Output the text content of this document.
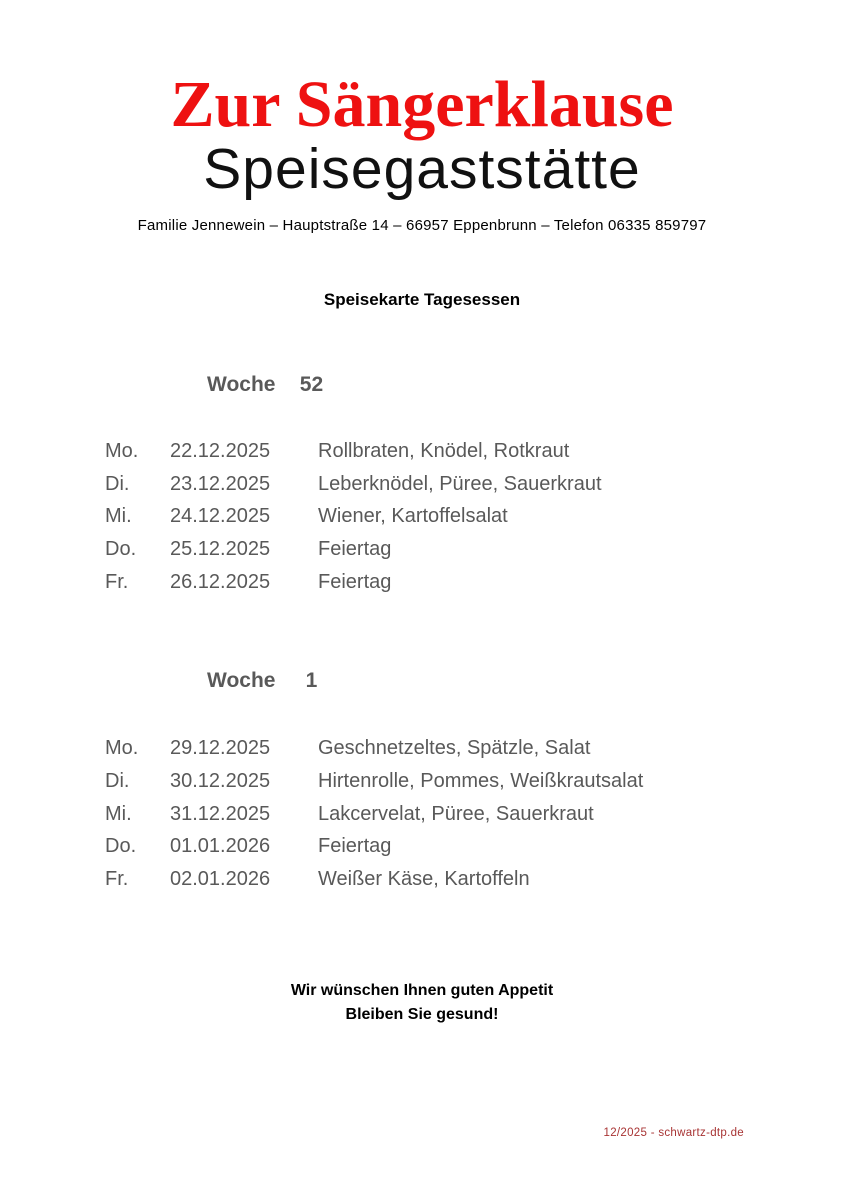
Zur Sängerklause
Speisegaststätte
Familie Jennewein – Hauptstraße 14 – 66957 Eppenbrunn – Telefon 06335 859797
Speisekarte Tagesessen
Woche 52
Mo.	22.12.2025	Rollbraten, Knödel, Rotkraut
Di.	23.12.2025	Leberknödel, Püree, Sauerkraut
Mi.	24.12.2025	Wiener, Kartoffelsalat
Do.	25.12.2025	Feiertag
Fr.	26.12.2025	Feiertag
Woche 1
Mo.	29.12.2025	Geschnetzeltes, Spätzle, Salat
Di.	30.12.2025	Hirtenrolle, Pommes, Weißkrautsalat
Mi.	31.12.2025	Lakcervelat, Püree, Sauerkraut
Do.	01.01.2026	Feiertag
Fr.	02.01.2026	Weißer Käse, Kartoffeln
Wir wünschen Ihnen guten Appetit
Bleiben Sie gesund!
12/2025 - schwartz-dtp.de
